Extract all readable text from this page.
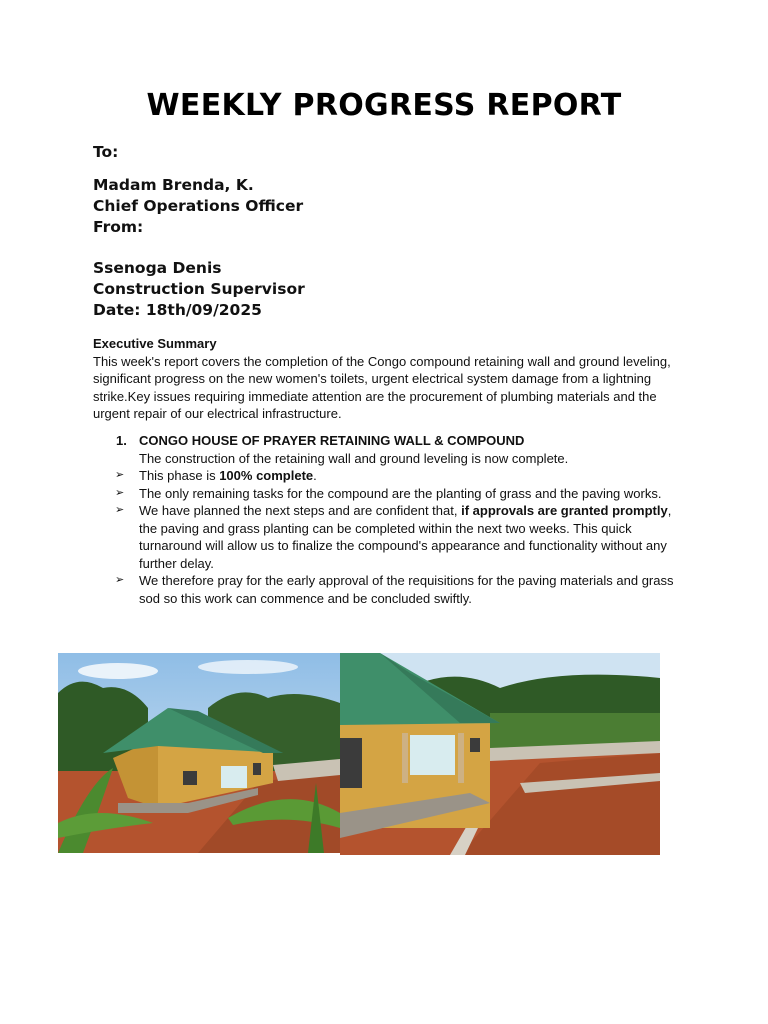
WEEKLY PROGRESS REPORT
To:
Madam Brenda, K.
Chief Operations Officer
From:
Ssenoga Denis
Construction Supervisor
Date: 18th/09/2025

Executive Summary

This week's report covers the completion of the Congo compound retaining wall and ground leveling, significant progress on the new women's toilets, urgent electrical system damage from a lightning strike.Key issues requiring immediate attention are the procurement of plumbing materials and the urgent repair of our electrical infrastructure.

1. CONGO HOUSE OF PRAYER RETAINING WALL & COMPOUND
The construction of the retaining wall and ground leveling is now complete.
➢	This phase is 100% complete.
➢	The only remaining tasks for the compound are the planting of grass and the paving works.
➢	We have planned the next steps and are confident that, if approvals are granted promptly, the paving and grass planting can be completed within the next two weeks. This quick turnaround will allow us to finalize the compound's appearance and functionality without any further delay.
➢	We therefore pray for the early approval of the requisitions for the paving materials and grass sod so this work can commence and be concluded swiftly.
